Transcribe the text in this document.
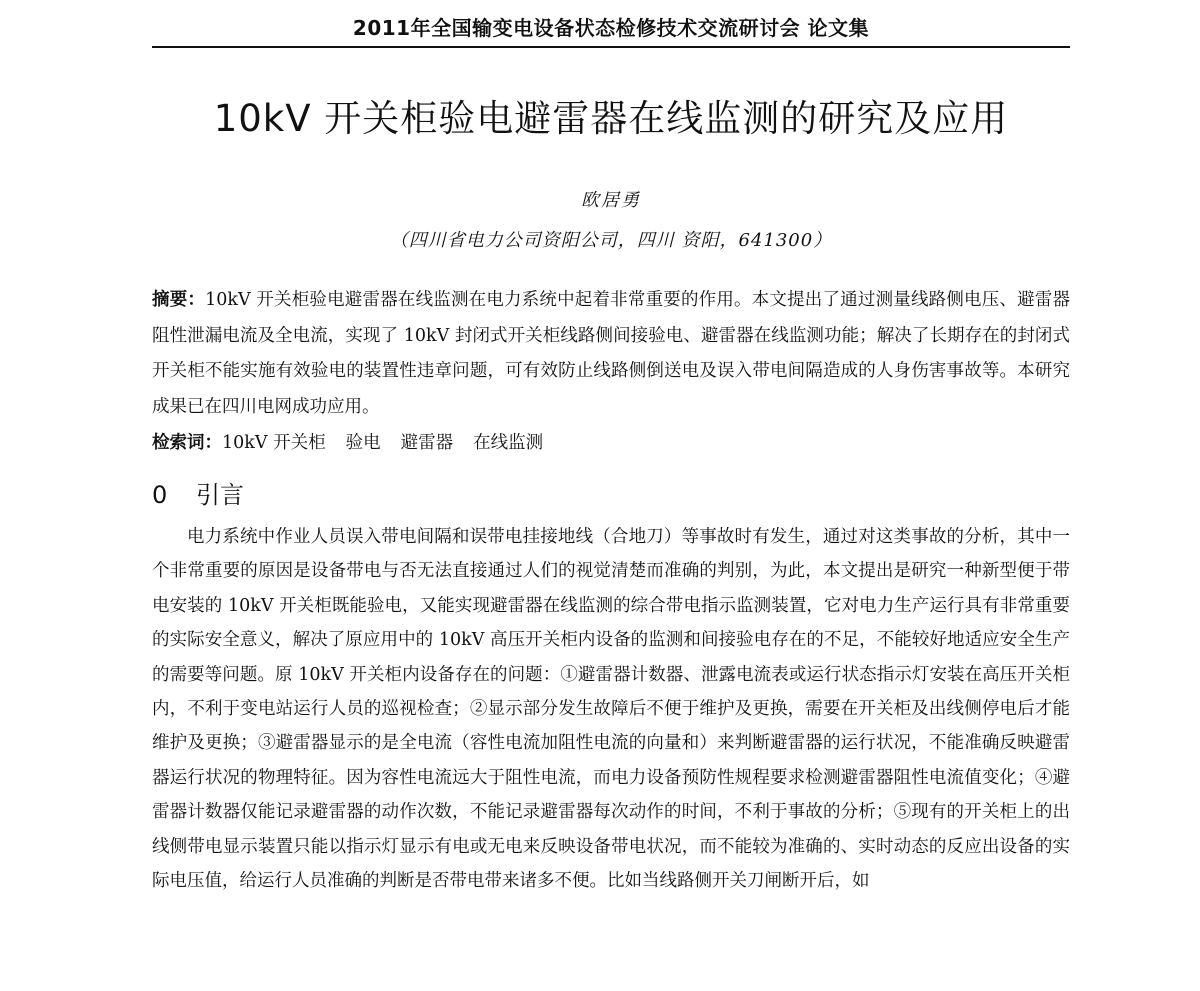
2011年全国输变电设备状态检修技术交流研讨会 论文集
10kV 开关柜验电避雷器在线监测的研究及应用
欧居勇
（四川省电力公司资阳公司，四川 资阳，641300）

摘要：10kV 开关柜验电避雷器在线监测在电力系统中起着非常重要的作用。本文提出了通过测量线路侧电压、避雷器阻性泄漏电流及全电流，实现了 10kV 封闭式开关柜线路侧间接验电、避雷器在线监测功能；解决了长期存在的封闭式开关柜不能实施有效验电的装置性违章问题，可有效防止线路侧倒送电及误入带电间隔造成的人身伤害事故等。本研究成果已在四川电网成功应用。

检索词：10kV 开关柜 验电 避雷器 在线监测

0 引言

电力系统中作业人员误入带电间隔和误带电挂接地线（合地刀）等事故时有发生，通过对这类事故的分析，其中一个非常重要的原因是设备带电与否无法直接通过人们的视觉清楚而准确的判别，为此，本文提出是研究一种新型便于带电安装的 10kV 开关柜既能验电，又能实现避雷器在线监测的综合带电指示监测装置，它对电力生产运行具有非常重要的实际安全意义，解决了原应用中的 10kV 高压开关柜内设备的监测和间接验电存在的不足，不能较好地适应安全生产的需要等问题。原 10kV 开关柜内设备存在的问题：①避雷器计数器、泄露电流表或运行状态指示灯安装在高压开关柜内，不利于变电站运行人员的巡视检查；②显示部分发生故障后不便于维护及更换，需要在开关柜及出线侧停电后才能维护及更换；③避雷器显示的是全电流（容性电流加阻性电流的向量和）来判断避雷器的运行状况，不能准确反映避雷器运行状况的物理特征。因为容性电流远大于阻性电流，而电力设备预防性规程要求检测避雷器阻性电流值变化；④避雷器计数器仅能记录避雷器的动作次数，不能记录避雷器每次动作的时间，不利于事故的分析；⑤现有的开关柜上的出线侧带电显示装置只能以指示灯显示有电或无电来反映设备带电状况，而不能较为准确的、实时动态的反应出设备的实际电压值，给运行人员准确的判断是否带电带来诸多不便。比如当线路侧开关刀闸断开后，如
